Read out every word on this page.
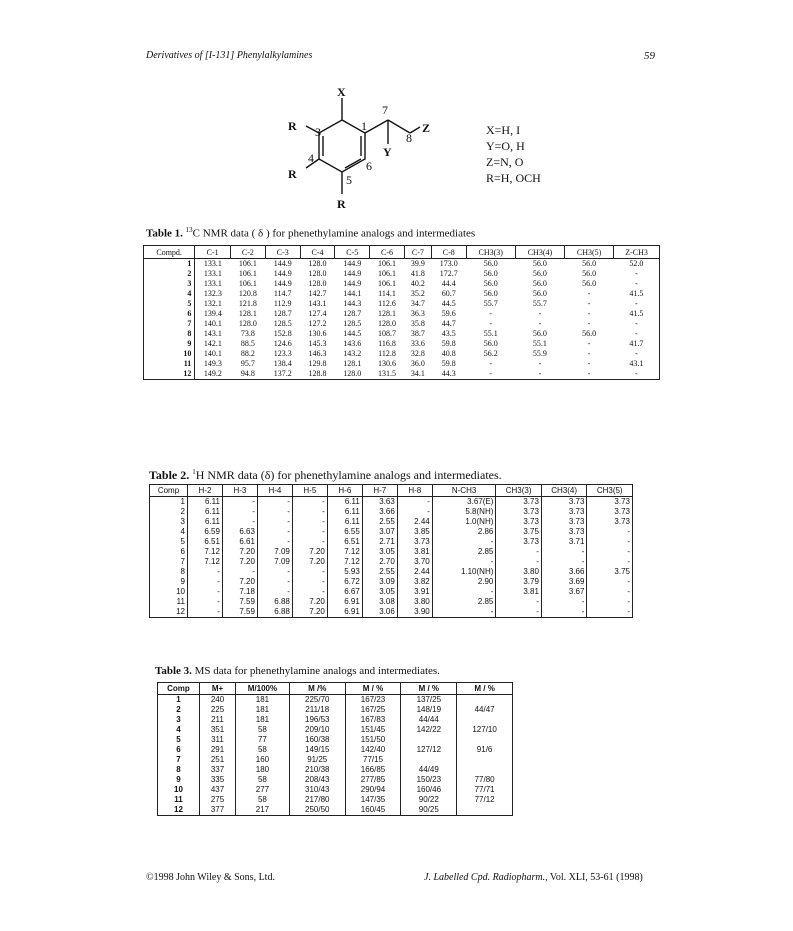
Derivatives of [I-131] Phenylalkylamines	59
X
R
R
R
Z
Y
3	1
4
5
6
7
8
X=H, I
Y=O, H
Z=N, O
R=H, OCH
Table 1. $^{13}$C NMR data ( δ ) for phenethylamine analogs and intermediates
Compd.	C-1	C-2	C-3	C-4	C-5	C-6	C-7	C-8	CH3(3)	CH3(4)	CH3(5)	Z-CH3
1	133.1	106.1	144.9	128.0	144.9	106.1	39.9	173.0	56.0	56.0	56.0	52.0
2	133.1	106.1	144.9	128.0	144.9	106.1	41.8	172.7	56.0	56.0	56.0	-
3	133.1	106.1	144.9	128.0	144.9	106.1	40.2	44.4	56.0	56.0	56.0	-
4	132.3	120.8	114.7	142.7	144.1	114.1	35.2	60.7	56.0	56.0	-	41.5
5	132.1	121.8	112.9	143.1	144.3	112.6	34.7	44.5	55.7	55.7	-	-
6	139.4	128.1	128.7	127.4	128.7	128.1	36.3	59.6	-	-	-	41.5
7	140.1	128.0	128.5	127.2	128.5	128.0	35.8	44.7	-	-	-	-
8	143.1	73.8	152.8	130.6	144.5	108.7	38.7	43.5	55.1	56.0	56.0	-
9	142.1	88.5	124.6	145.3	143.6	116.8	33.6	59.8	56.0	55.1	-	41.7
10	140.1	88.2	123.3	146.3	143.2	112.8	32.8	40.8	56.2	55.9	-	-
11	149.3	95.7	138.4	129.8	128.1	130.6	36.0	59.8	-	-	-	43.1
12	149.2	94.8	137.2	128.8	128.0	131.5	34.1	44.3	-	-	-	-
Table 2. $^1$H NMR data (δ) for phenethylamine analogs and intermediates.
Comp	H-2	H-3	H-4	H-5	H-6	H-7	H-8	N-CH3	CH3(3)	CH3(4)	CH3(5)
1	6.11	-	-	-	6.11	3.63	-	3.67(E)	3.73	3.73	3.73
2	6.11	-	-	-	6.11	3.66	-	5.8(NH)	3.73	3.73	3.73
3	6.11	-	-	-	6.11	2.55	2.44	1.0(NH)	3.73	3.73	3.73
4	6.59	6.63	-	-	6.55	3.07	3.85	2.86	3.75	3.73	-
5	6.51	6.61	-	-	6.51	2.71	3.73	-	3.73	3.71	-
6	7.12	7.20	7.09	7.20	7.12	3.05	3.81	2.85	-	-	-
7	7.12	7.20	7.09	7.20	7.12	2.70	3.70	-	-	-	-
8	-	-	-	-	5.93	2.55	2.44	1.10(NH)	3.80	3.66	3.75
9	-	7.20	-	-	6.72	3.09	3.82	2.90	3.79	3.69	-
10	-	7.18	-	-	6.67	3.05	3.91	-	3.81	3.67	-
11	-	7.59	6.88	7.20	6.91	3.08	3.80	2.85	-	-	-
12	-	7.59	6.88	7.20	6.91	3.06	3.90	-	-	-	-
Table 3. MS data for phenethylamine analogs and intermediates.
Comp	M+	M/100%	M /%	M / %	M / %	M / %
1	240	181	225/70	167/23	137/25	
2	225	181	211/18	167/25	148/19	44/47
3	211	181	196/53	167/83	44/44	
4	351	58	209/10	151/45	142/22	127/10
5	311	77	160/38	151/50		
6	291	58	149/15	142/40	127/12	91/6
7	251	160	91/25	77/15		
8	337	180	210/38	166/85	44/49	
9	335	58	208/43	277/85	150/23	77/80
10	437	277	310/43	290/94	160/46	77/71
11	275	58	217/80	147/35	90/22	77/12
12	377	217	250/50	160/45	90/25	
©1998 John Wiley & Sons, Ltd.	J. Labelled Cpd. Radiopharm., Vol. XLI, 53-61 (1998)
